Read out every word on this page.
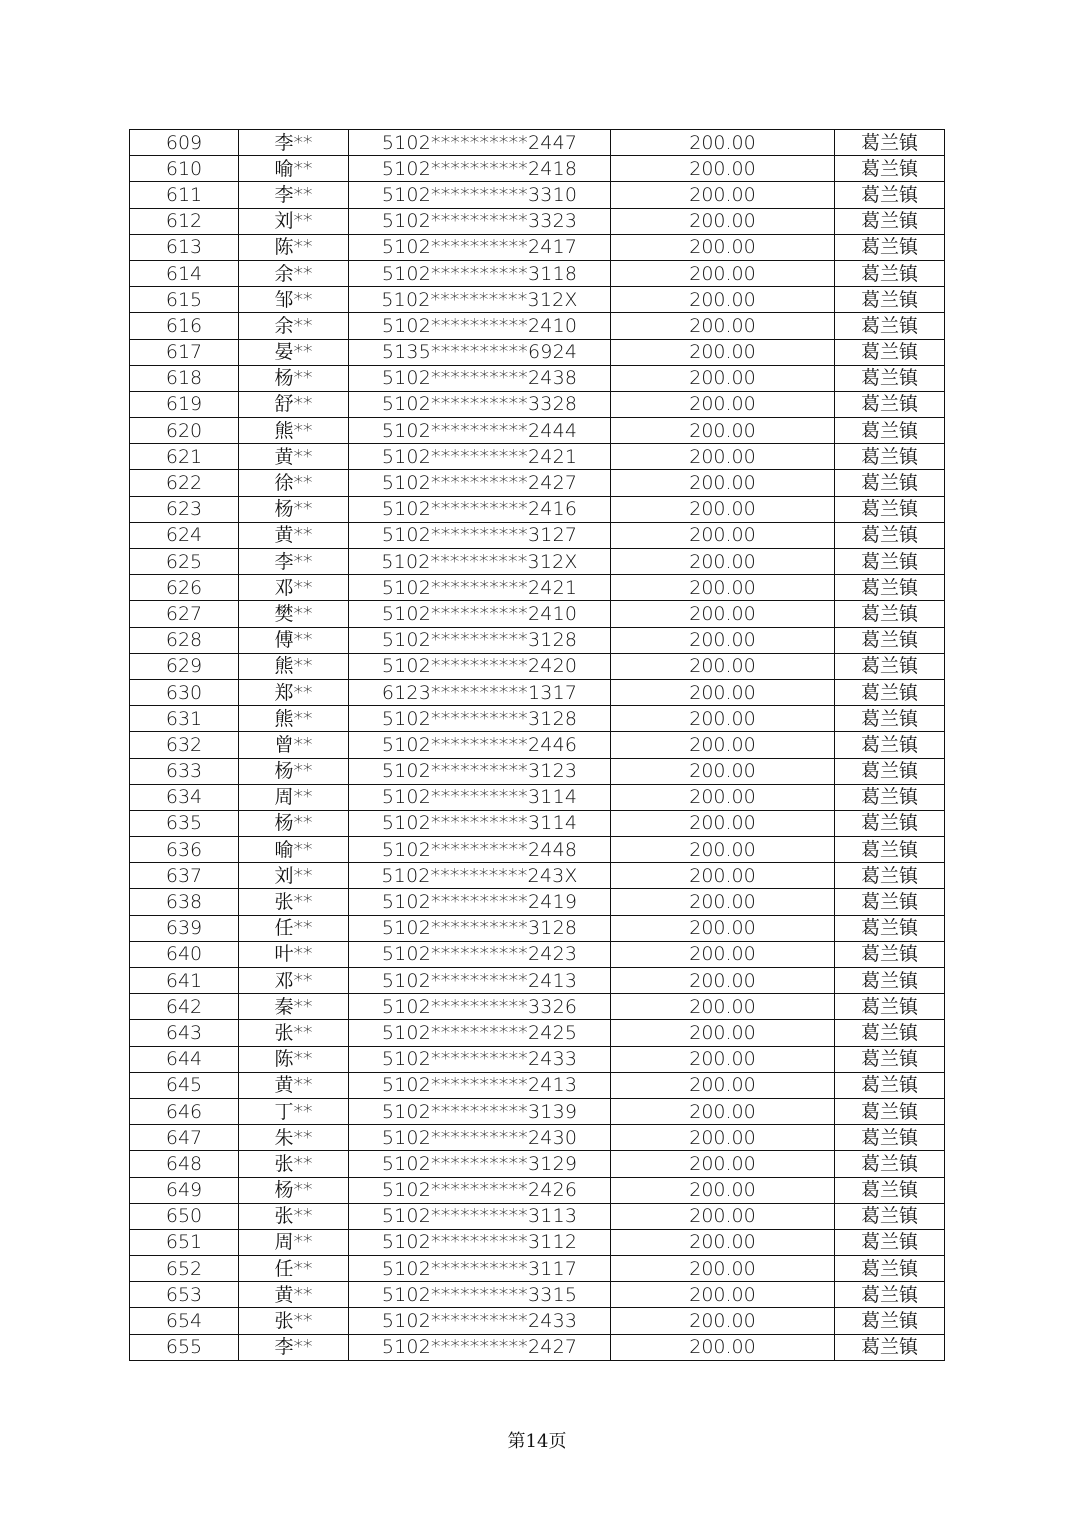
609	李**	5102**********2447	200.00	葛兰镇
610	喻**	5102**********2418	200.00	葛兰镇
611	李**	5102**********3310	200.00	葛兰镇
612	刘**	5102**********3323	200.00	葛兰镇
613	陈**	5102**********2417	200.00	葛兰镇
614	余**	5102**********3118	200.00	葛兰镇
615	邹**	5102**********312X	200.00	葛兰镇
616	余**	5102**********2410	200.00	葛兰镇
617	晏**	5135**********6924	200.00	葛兰镇
618	杨**	5102**********2438	200.00	葛兰镇
619	舒**	5102**********3328	200.00	葛兰镇
620	熊**	5102**********2444	200.00	葛兰镇
621	黄**	5102**********2421	200.00	葛兰镇
622	徐**	5102**********2427	200.00	葛兰镇
623	杨**	5102**********2416	200.00	葛兰镇
624	黄**	5102**********3127	200.00	葛兰镇
625	李**	5102**********312X	200.00	葛兰镇
626	邓**	5102**********2421	200.00	葛兰镇
627	樊**	5102**********2410	200.00	葛兰镇
628	傅**	5102**********3128	200.00	葛兰镇
629	熊**	5102**********2420	200.00	葛兰镇
630	郑**	6123**********1317	200.00	葛兰镇
631	熊**	5102**********3128	200.00	葛兰镇
632	曾**	5102**********2446	200.00	葛兰镇
633	杨**	5102**********3123	200.00	葛兰镇
634	周**	5102**********3114	200.00	葛兰镇
635	杨**	5102**********3114	200.00	葛兰镇
636	喻**	5102**********2448	200.00	葛兰镇
637	刘**	5102**********243X	200.00	葛兰镇
638	张**	5102**********2419	200.00	葛兰镇
639	任**	5102**********3128	200.00	葛兰镇
640	叶**	5102**********2423	200.00	葛兰镇
641	邓**	5102**********2413	200.00	葛兰镇
642	秦**	5102**********3326	200.00	葛兰镇
643	张**	5102**********2425	200.00	葛兰镇
644	陈**	5102**********2433	200.00	葛兰镇
645	黄**	5102**********2413	200.00	葛兰镇
646	丁**	5102**********3139	200.00	葛兰镇
647	朱**	5102**********2430	200.00	葛兰镇
648	张**	5102**********3129	200.00	葛兰镇
649	杨**	5102**********2426	200.00	葛兰镇
650	张**	5102**********3113	200.00	葛兰镇
651	周**	5102**********3112	200.00	葛兰镇
652	任**	5102**********3117	200.00	葛兰镇
653	黄**	5102**********3315	200.00	葛兰镇
654	张**	5102**********2433	200.00	葛兰镇
655	李**	5102**********2427	200.00	葛兰镇
第14页
